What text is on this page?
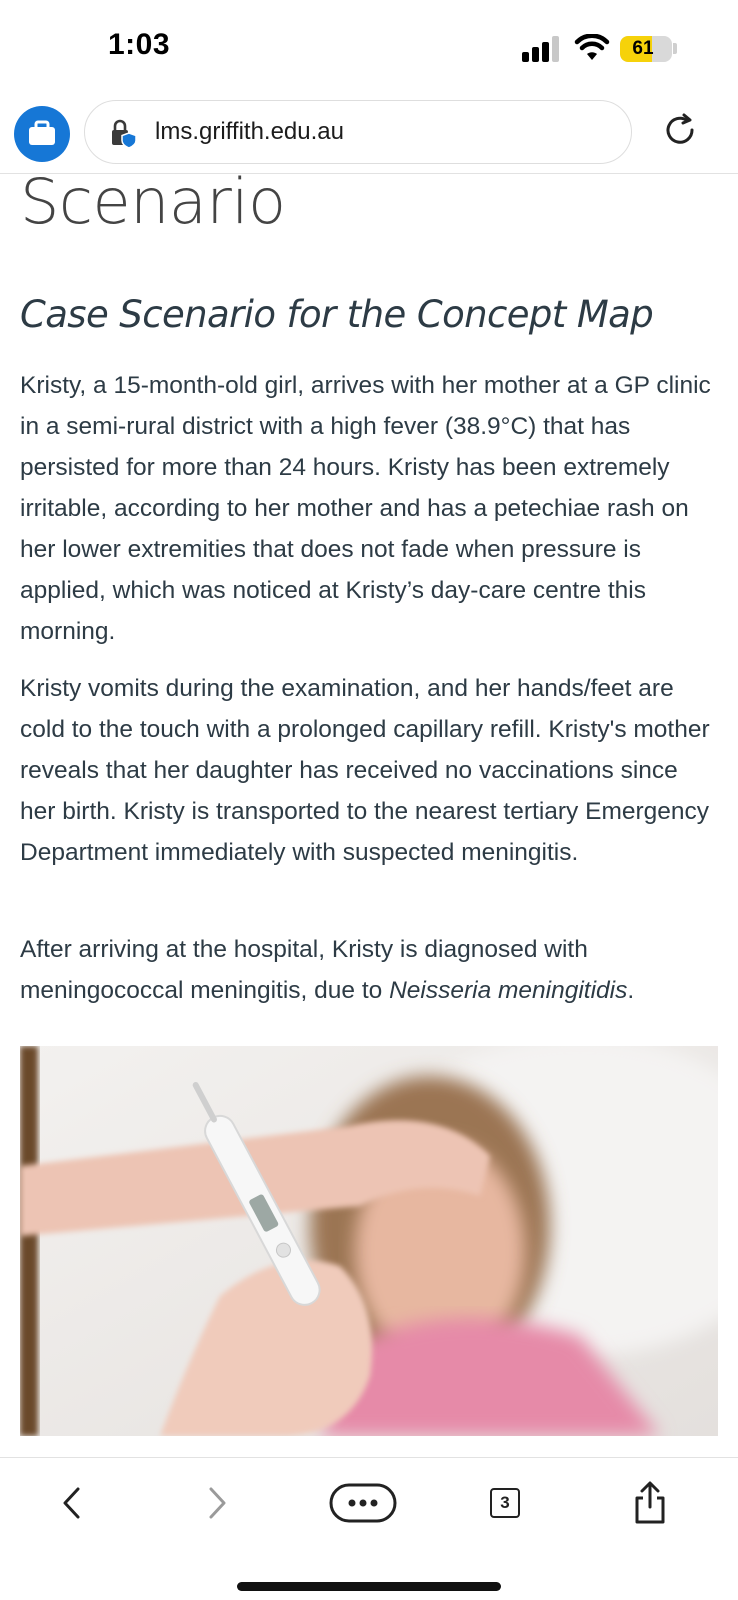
1:03	61
lms.griffith.edu.au
Scenario
Case Scenario for the Concept Map

Kristy, a 15-month-old girl, arrives with her mother at a GP clinic in a semi-rural district with a high fever (38.9°C) that has persisted for more than 24 hours. Kristy has been extremely irritable, according to her mother and has a petechiae rash on her lower extremities that does not fade when pressure is applied, which was noticed at Kristy’s day-care centre this morning.

Kristy vomits during the examination, and her hands/feet are cold to the touch with a prolonged capillary refill. Kristy's mother reveals that her daughter has received no vaccinations since her birth. Kristy is transported to the nearest tertiary Emergency Department immediately with suspected meningitis.

After arriving at the hospital, Kristy is diagnosed with meningococcal meningitis, due to Neisseria meningitidis.

3
